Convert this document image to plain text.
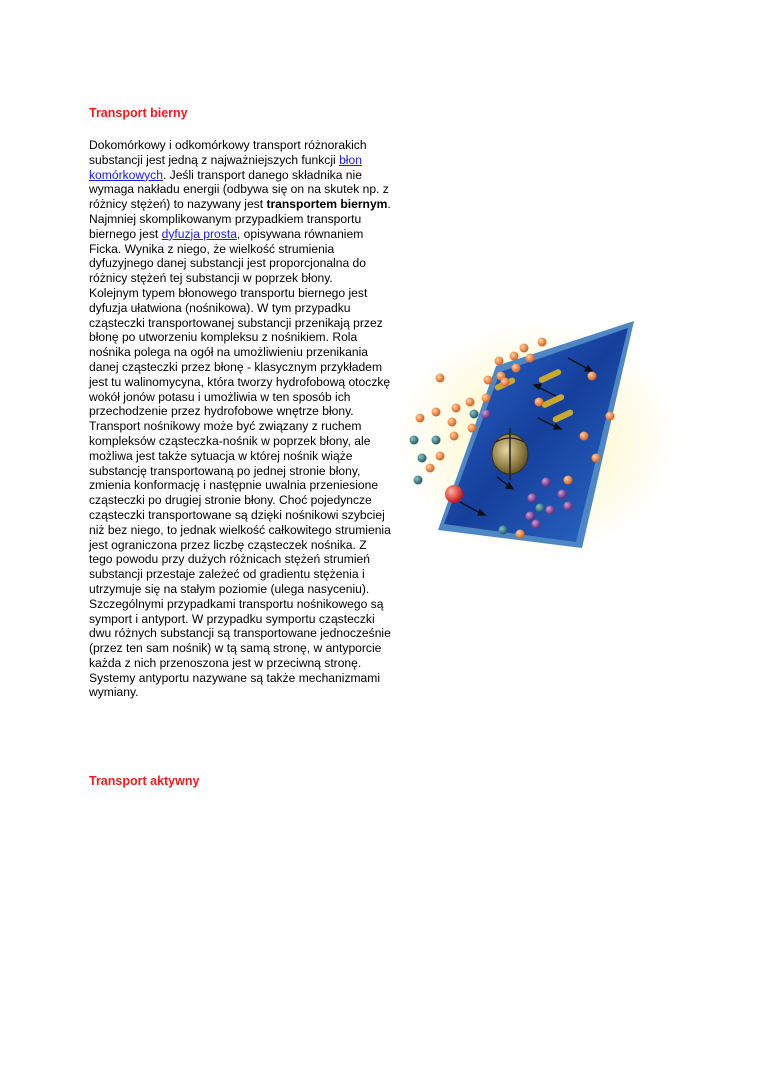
Transport bierny

Dokomórkowy i odkomórkowy transport różnorakich substancji jest jedną z najważniejszych funkcji błon komórkowych. Jeśli transport danego składnika nie wymaga nakładu energii (odbywa się on na skutek np. z różnicy stężeń) to nazywany jest transportem biernym. Najmniej skomplikowanym przypadkiem transportu biernego jest dyfuzja prosta, opisywana równaniem Ficka. Wynika z niego, że wielkość strumienia dyfuzyjnego danej substancji jest proporcjonalna do różnicy stężeń tej substancji w poprzek błony.

Kolejnym typem błonowego transportu biernego jest dyfuzja ułatwiona (nośnikowa). W tym przypadku cząsteczki transportowanej substancji przenikają przez błonę po utworzeniu kompleksu z nośnikiem. Rola nośnika polega na ogół na umożliwieniu przenikania danej cząsteczki przez błonę - klasycznym przykładem jest tu walinomycyna, która tworzy hydrofobową otoczkę wokół jonów potasu i umożliwia w ten sposób ich przechodzenie przez hydrofobowe wnętrze błony. Transport nośnikowy może być związany z ruchem kompleksów cząsteczka-nośnik w poprzek błony, ale możliwa jest także sytuacja w której nośnik wiąże substancję transportowaną po jednej stronie błony, zmienia konformację i następnie uwalnia przeniesione cząsteczki po drugiej stronie błony. Choć pojedyncze cząsteczki transportowane są dzięki nośnikowi szybciej niż bez niego, to jednak wielkość całkowitego strumienia jest ograniczona przez liczbę cząsteczek nośnika. Z tego powodu przy dużych różnicach stężeń strumień substancji przestaje zależeć od gradientu stężenia i utrzymuje się na stałym poziomie (ulega nasyceniu).

Szczególnymi przypadkami transportu nośnikowego są symport i antyport. W przypadku symportu cząsteczki dwu różnych substancji są transportowane jednocześnie (przez ten sam nośnik) w tą samą stronę, w antyporcie każda z nich przenoszona jest w przeciwną stronę. Systemy antyportu nazywane są także mechanizmami wymiany.

Transport aktywny
